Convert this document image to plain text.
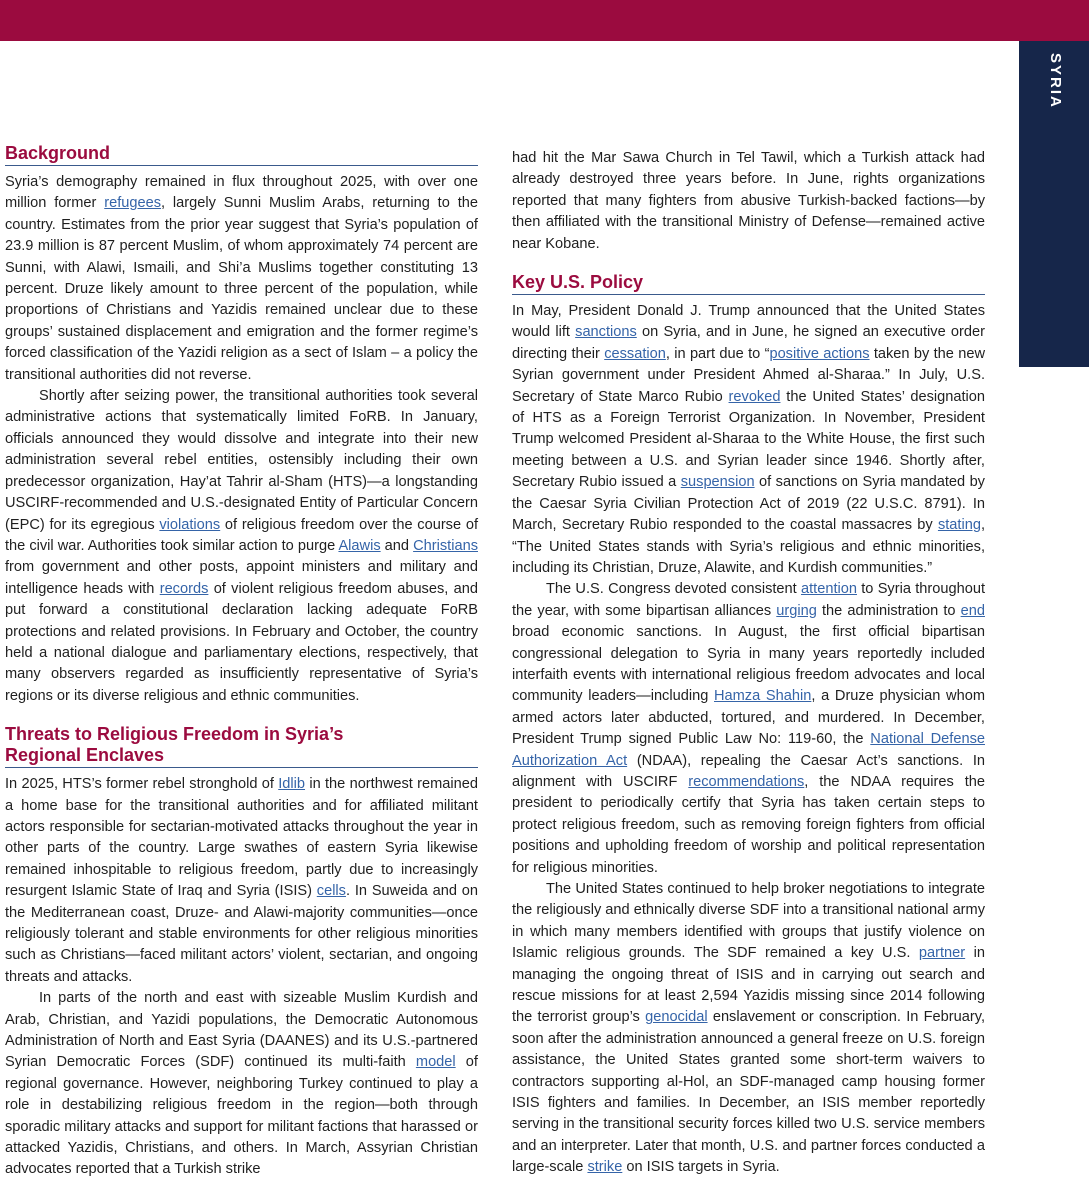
SYRIA
Background

Syria’s demography remained in flux throughout 2025, with over one million former refugees, largely Sunni Muslim Arabs, returning to the country. Estimates from the prior year suggest that Syria’s population of 23.9 million is 87 percent Muslim, of whom approximately 74 percent are Sunni, with Alawi, Ismaili, and Shi’a Muslims together constituting 13 percent. Druze likely amount to three percent of the population, while proportions of Christians and Yazidis remained unclear due to these groups’ sustained displacement and emigration and the former regime’s forced classification of the Yazidi religion as a sect of Islam – a policy the transitional authorities did not reverse.

Shortly after seizing power, the transitional authorities took several administrative actions that systematically limited FoRB. In January, officials announced they would dissolve and integrate into their new administration several rebel entities, ostensibly including their own predecessor organization, Hay’at Tahrir al-Sham (HTS)—a longstanding USCIRF-recommended and U.S.-designated Entity of Particular Concern (EPC) for its egregious violations of religious freedom over the course of the civil war. Authorities took similar action to purge Alawis and Christians from government and other posts, appoint ministers and military and intelligence heads with records of violent religious freedom abuses, and put forward a constitutional declaration lacking adequate FoRB protections and related provisions. In February and October, the country held a national dialogue and parliamentary elections, respectively, that many observers regarded as insufficiently representative of Syria’s regions or its diverse religious and ethnic communities.

Threats to Religious Freedom in Syria’s
Regional Enclaves

In 2025, HTS’s former rebel stronghold of Idlib in the northwest remained a home base for the transitional authorities and for affiliated militant actors responsible for sectarian-motivated attacks throughout the year in other parts of the country. Large swathes of eastern Syria likewise remained inhospitable to religious freedom, partly due to increasingly resurgent Islamic State of Iraq and Syria (ISIS) cells. In Suweida and on the Mediterranean coast, Druze- and Alawi-majority communities—once religiously tolerant and stable environments for other religious minorities such as Christians—faced militant actors’ violent, sectarian, and ongoing threats and attacks.

In parts of the north and east with sizeable Muslim Kurdish and Arab, Christian, and Yazidi populations, the Democratic Autonomous Administration of North and East Syria (DAANES) and its U.S.-partnered Syrian Democratic Forces (SDF) continued its multi-faith model of regional governance. However, neighboring Turkey continued to play a role in destabilizing religious freedom in the region—both through sporadic military attacks and support for militant factions that harassed or attacked Yazidis, Christians, and others. In March, Assyrian Christian advocates reported that a Turkish strike

had hit the Mar Sawa Church in Tel Tawil, which a Turkish attack had already destroyed three years before. In June, rights organizations reported that many fighters from abusive Turkish-backed factions—by then affiliated with the transitional Ministry of Defense—remained active near Kobane.

Key U.S. Policy

In May, President Donald J. Trump announced that the United States would lift sanctions on Syria, and in June, he signed an executive order directing their cessation, in part due to “positive actions taken by the new Syrian government under President Ahmed al-Sharaa.” In July, U.S. Secretary of State Marco Rubio revoked the United States’ designation of HTS as a Foreign Terrorist Organization. In November, President Trump welcomed President al-Sharaa to the White House, the first such meeting between a U.S. and Syrian leader since 1946. Shortly after, Secretary Rubio issued a suspension of sanctions on Syria mandated by the Caesar Syria Civilian Protection Act of 2019 (22 U.S.C. 8791). In March, Secretary Rubio responded to the coastal massacres by stating, “The United States stands with Syria’s religious and ethnic minorities, including its Christian, Druze, Alawite, and Kurdish communities.”

The U.S. Congress devoted consistent attention to Syria throughout the year, with some bipartisan alliances urging the administration to end broad economic sanctions. In August, the first official bipartisan congressional delegation to Syria in many years reportedly included interfaith events with international religious freedom advocates and local community leaders—including Hamza Shahin, a Druze physician whom armed actors later abducted, tortured, and murdered. In December, President Trump signed Public Law No: 119-60, the National Defense Authorization Act (NDAA), repealing the Caesar Act’s sanctions. In alignment with USCIRF recommendations, the NDAA requires the president to periodically certify that Syria has taken certain steps to protect religious freedom, such as removing foreign fighters from official positions and upholding freedom of worship and political representation for religious minorities.

The United States continued to help broker negotiations to integrate the religiously and ethnically diverse SDF into a transitional national army in which many members identified with groups that justify violence on Islamic religious grounds. The SDF remained a key U.S. partner in managing the ongoing threat of ISIS and in carrying out search and rescue missions for at least 2,594 Yazidis missing since 2014 following the terrorist group’s genocidal enslavement or conscription. In February, soon after the administration announced a general freeze on U.S. foreign assistance, the United States granted some short-term waivers to contractors supporting al-Hol, an SDF-managed camp housing former ISIS fighters and families. In December, an ISIS member reportedly serving in the transitional security forces killed two U.S. service members and an interpreter. Later that month, U.S. and partner forces conducted a large-scale strike on ISIS targets in Syria.
